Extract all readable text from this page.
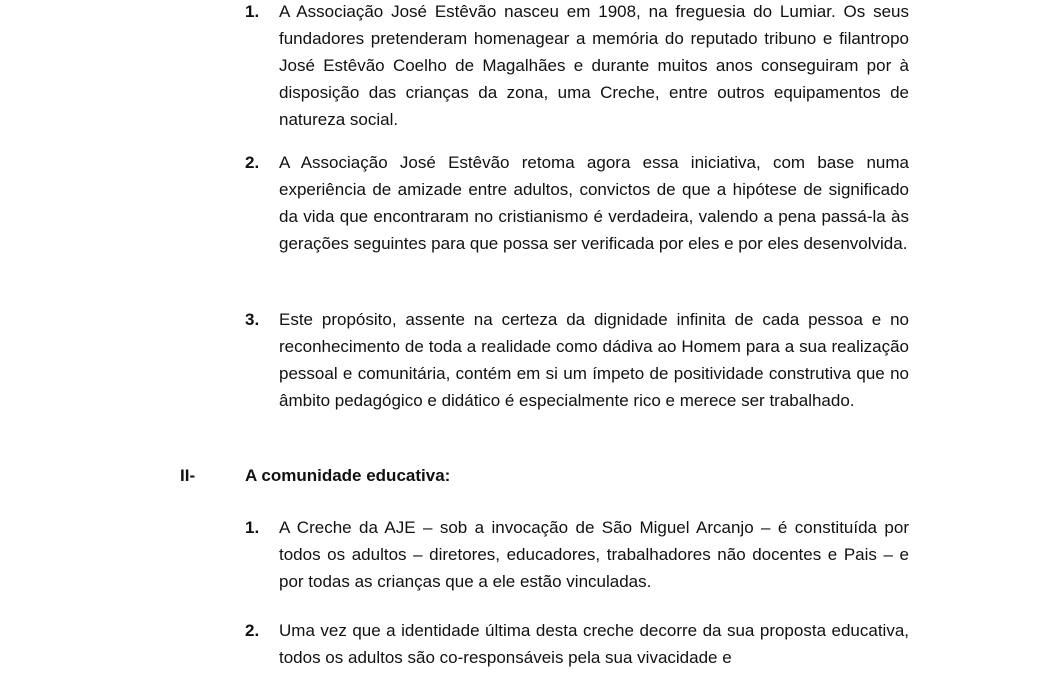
1. A Associação José Estêvão nasceu em 1908, na freguesia do Lumiar. Os seus fundadores pretenderam homenagear a memória do reputado tribuno e filantropo José Estêvão Coelho de Magalhães e durante muitos anos conseguiram por à disposição das crianças da zona, uma Creche, entre outros equipamentos de natureza social.
2. A Associação José Estêvão retoma agora essa iniciativa, com base numa experiência de amizade entre adultos, convictos de que a hipótese de significado da vida que encontraram no cristianismo é verdadeira, valendo a pena passá-la às gerações seguintes para que possa ser verificada por eles e por eles desenvolvida.
3. Este propósito, assente na certeza da dignidade infinita de cada pessoa e no reconhecimento de toda a realidade como dádiva ao Homem para a sua realização pessoal e comunitária, contém em si um ímpeto de positividade construtiva que no âmbito pedagógico e didático é especialmente rico e merece ser trabalhado.
II-	A comunidade educativa:
1. A Creche da AJE – sob a invocação de São Miguel Arcanjo – é constituída por todos os adultos – diretores, educadores, trabalhadores não docentes e Pais – e por todas as crianças que a ele estão vinculadas.
2. Uma vez que a identidade última desta creche decorre da sua proposta educativa, todos os adultos são co-responsáveis pela sua vivacidade e
